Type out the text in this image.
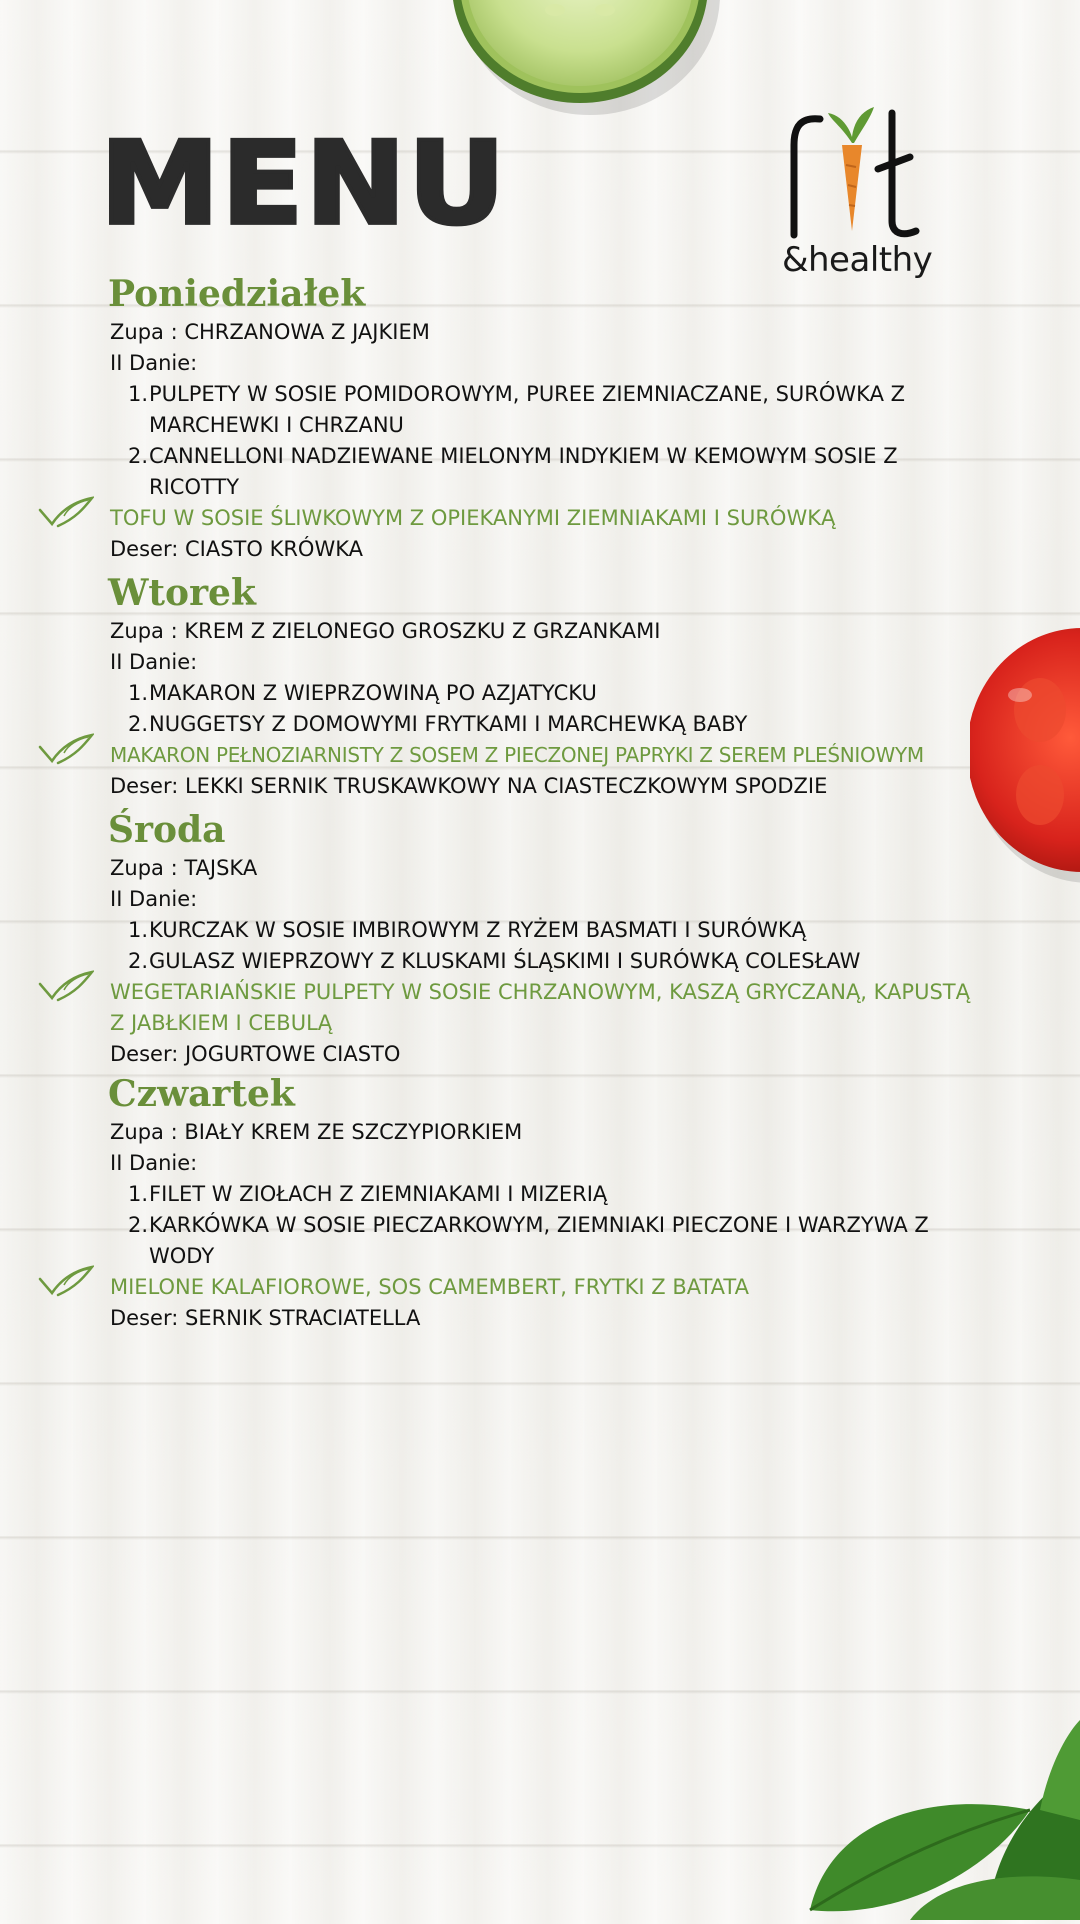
MENU
&healthy
Poniedziałek
Zupa : CHRZANOWA Z JAJKIEM
II Danie:
1. PULPETY W SOSIE POMIDOROWYM, PUREE ZIEMNIACZANE, SURÓWKA Z MARCHEWKI I CHRZANU
2. CANNELLONI NADZIEWANE MIELONYM INDYKIEM W KEMOWYM SOSIE Z RICOTTY
TOFU W SOSIE ŚLIWKOWYM Z OPIEKANYMI ZIEMNIAKAMI I SURÓWKĄ
Deser: CIASTO KRÓWKA
Wtorek
Zupa : KREM Z ZIELONEGO GROSZKU Z GRZANKAMI
II Danie:
1. MAKARON Z WIEPRZOWINĄ PO AZJATYCKU
2. NUGGETSY Z DOMOWYMI FRYTKAMI I MARCHEWKĄ BABY
MAKARON PEŁNOZIARNISTY Z SOSEM Z PIECZONEJ PAPRYKI Z SEREM PLEŚNIOWYM
Deser: LEKKI SERNIK TRUSKAWKOWY NA CIASTECZKOWYM SPODZIE
Środa
Zupa : TAJSKA
II Danie:
1. KURCZAK W SOSIE IMBIROWYM Z RYŻEM BASMATI I SURÓWKĄ
2. GULASZ WIEPRZOWY Z KLUSKAMI ŚLĄSKIMI I SURÓWKĄ COLESŁAW
WEGETARIAŃSKIE PULPETY W SOSIE CHRZANOWYM, KASZĄ GRYCZANĄ, KAPUSTĄ Z JABŁKIEM I CEBULĄ
Deser: JOGURTOWE CIASTO
Czwartek
Zupa : BIAŁY KREM ZE SZCZYPIORKIEM
II Danie:
1. FILET W ZIOŁACH Z ZIEMNIAKAMI I MIZERIĄ
2. KARKÓWKA W SOSIE PIECZARKOWYM, ZIEMNIAKI PIECZONE I WARZYWA Z WODY
MIELONE KALAFIOROWE, SOS CAMEMBERT, FRYTKI Z BATATA
Deser: SERNIK STRACIATELLA
